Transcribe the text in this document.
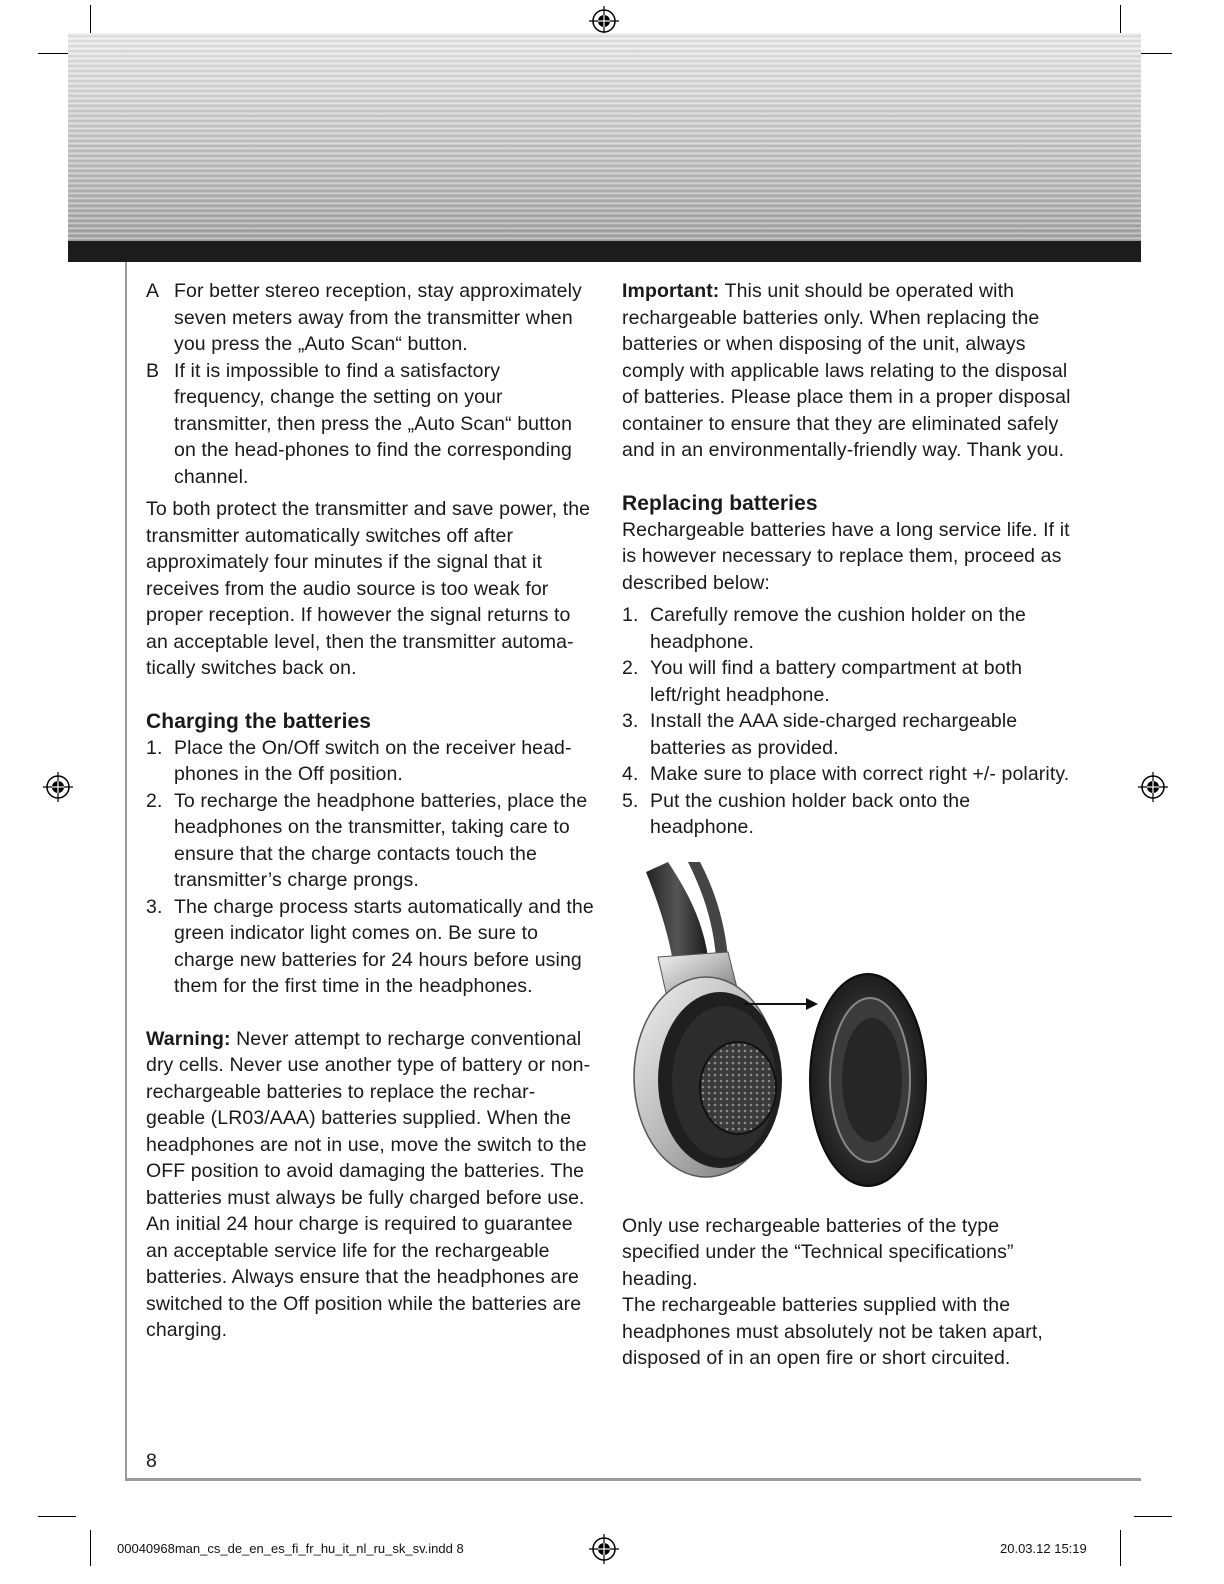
A For better stereo reception, stay approximately seven meters away from the transmitter when you press the „Auto Scan“ button.
B If it is impossible to find a satisfactory frequency, change the setting on your transmitter, then press the „Auto Scan“ button on the head-phones to find the corresponding channel.

To both protect the transmitter and save power, the transmitter automatically switches off after approximately four minutes if the signal that it receives from the audio source is too weak for proper reception. If however the signal returns to an acceptable level, then the transmitter automa-tically switches back on.

Charging the batteries
1. Place the On/Off switch on the receiver head-phones in the Off position.
2. To recharge the headphone batteries, place the headphones on the transmitter, taking care to ensure that the charge contacts touch the transmitter’s charge prongs.
3. The charge process starts automatically and the green indicator light comes on. Be sure to charge new batteries for 24 hours before using them for the first time in the headphones.

Warning: Never attempt to recharge conventional dry cells. Never use another type of battery or non-rechargeable batteries to replace the rechar-geable (LR03/AAA) batteries supplied. When the headphones are not in use, move the switch to the OFF position to avoid damaging the batteries. The batteries must always be fully charged before use. An initial 24 hour charge is required to guarantee an acceptable service life for the rechargeable batteries. Always ensure that the headphones are switched to the Off position while the batteries are charging.

Important: This unit should be operated with rechargeable batteries only. When replacing the batteries or when disposing of the unit, always comply with applicable laws relating to the disposal of batteries. Please place them in a proper disposal container to ensure that they are eliminated safely and in an environmentally-friendly way. Thank you.

Replacing batteries

Rechargeable batteries have a long service life. If it is however necessary to replace them, proceed as described below:

1. Carefully remove the cushion holder on the headphone.
2. You will find a battery compartment at both left/right headphone.
3. Install the AAA side-charged rechargeable batteries as provided.
4. Make sure to place with correct right +/- polarity.
5. Put the cushion holder back onto the headphone.

Only use rechargeable batteries of the type specified under the “Technical specifications” heading.

The rechargeable batteries supplied with the headphones must absolutely not be taken apart, disposed of in an open fire or short circuited.

8
00040968man_cs_de_en_es_fi_fr_hu_it_nl_ru_sk_sv.indd 8	20.03.12 15:19
